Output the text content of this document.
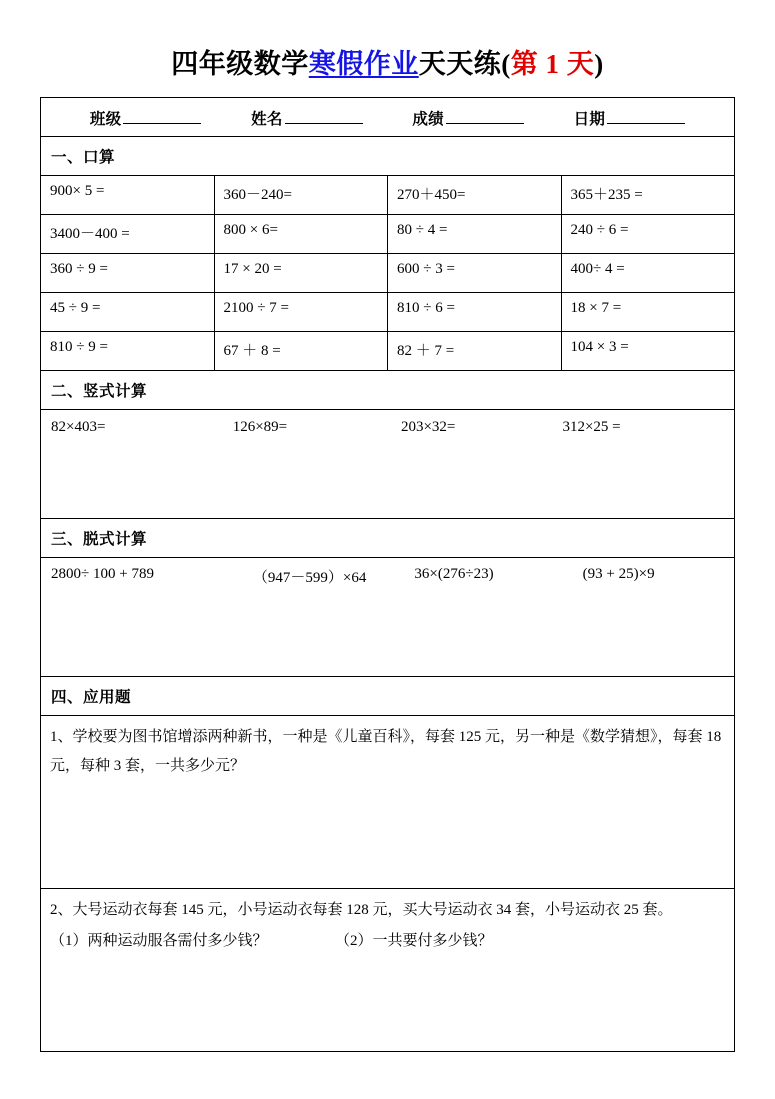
四年级数学寒假作业天天练(第 1 天)
班级 姓名 成绩 日期			

一、口算			
900× 5 =	360－240=	270＋450=	365＋235 =
3400－400 =	800 × 6=	80 ÷ 4 =	240 ÷ 6 =
360 ÷ 9 =	17 × 20 =	600 ÷ 3 =	400÷ 4 =
45 ÷ 9 =	2100 ÷ 7 =	810 ÷ 6 =	18 × 7 =
810 ÷ 9 =	67 ＋ 8 =	82 ＋ 7 =	104 × 3 =
二、竖式计算			

82×403= 126×89= 203×32= 312×25 =			

三、脱式计算			

2800÷ 100 + 789 （947－599）×64 36×(276÷23) (93 + 25)×9			

四、应用题			

1、学校要为图书馆增添两种新书，一种是《儿童百科》，每套 125 元，另一种是《数学猜想》，每套 18 元，每种 3 套，一共多少元？			

2、大号运动衣每套 145 元，小号运动衣每套 128 元，买大号运动衣 34 套，小号运动衣 25 套。
（1）两种运动服各需付多少钱？ （2）一共要付多少钱？			
